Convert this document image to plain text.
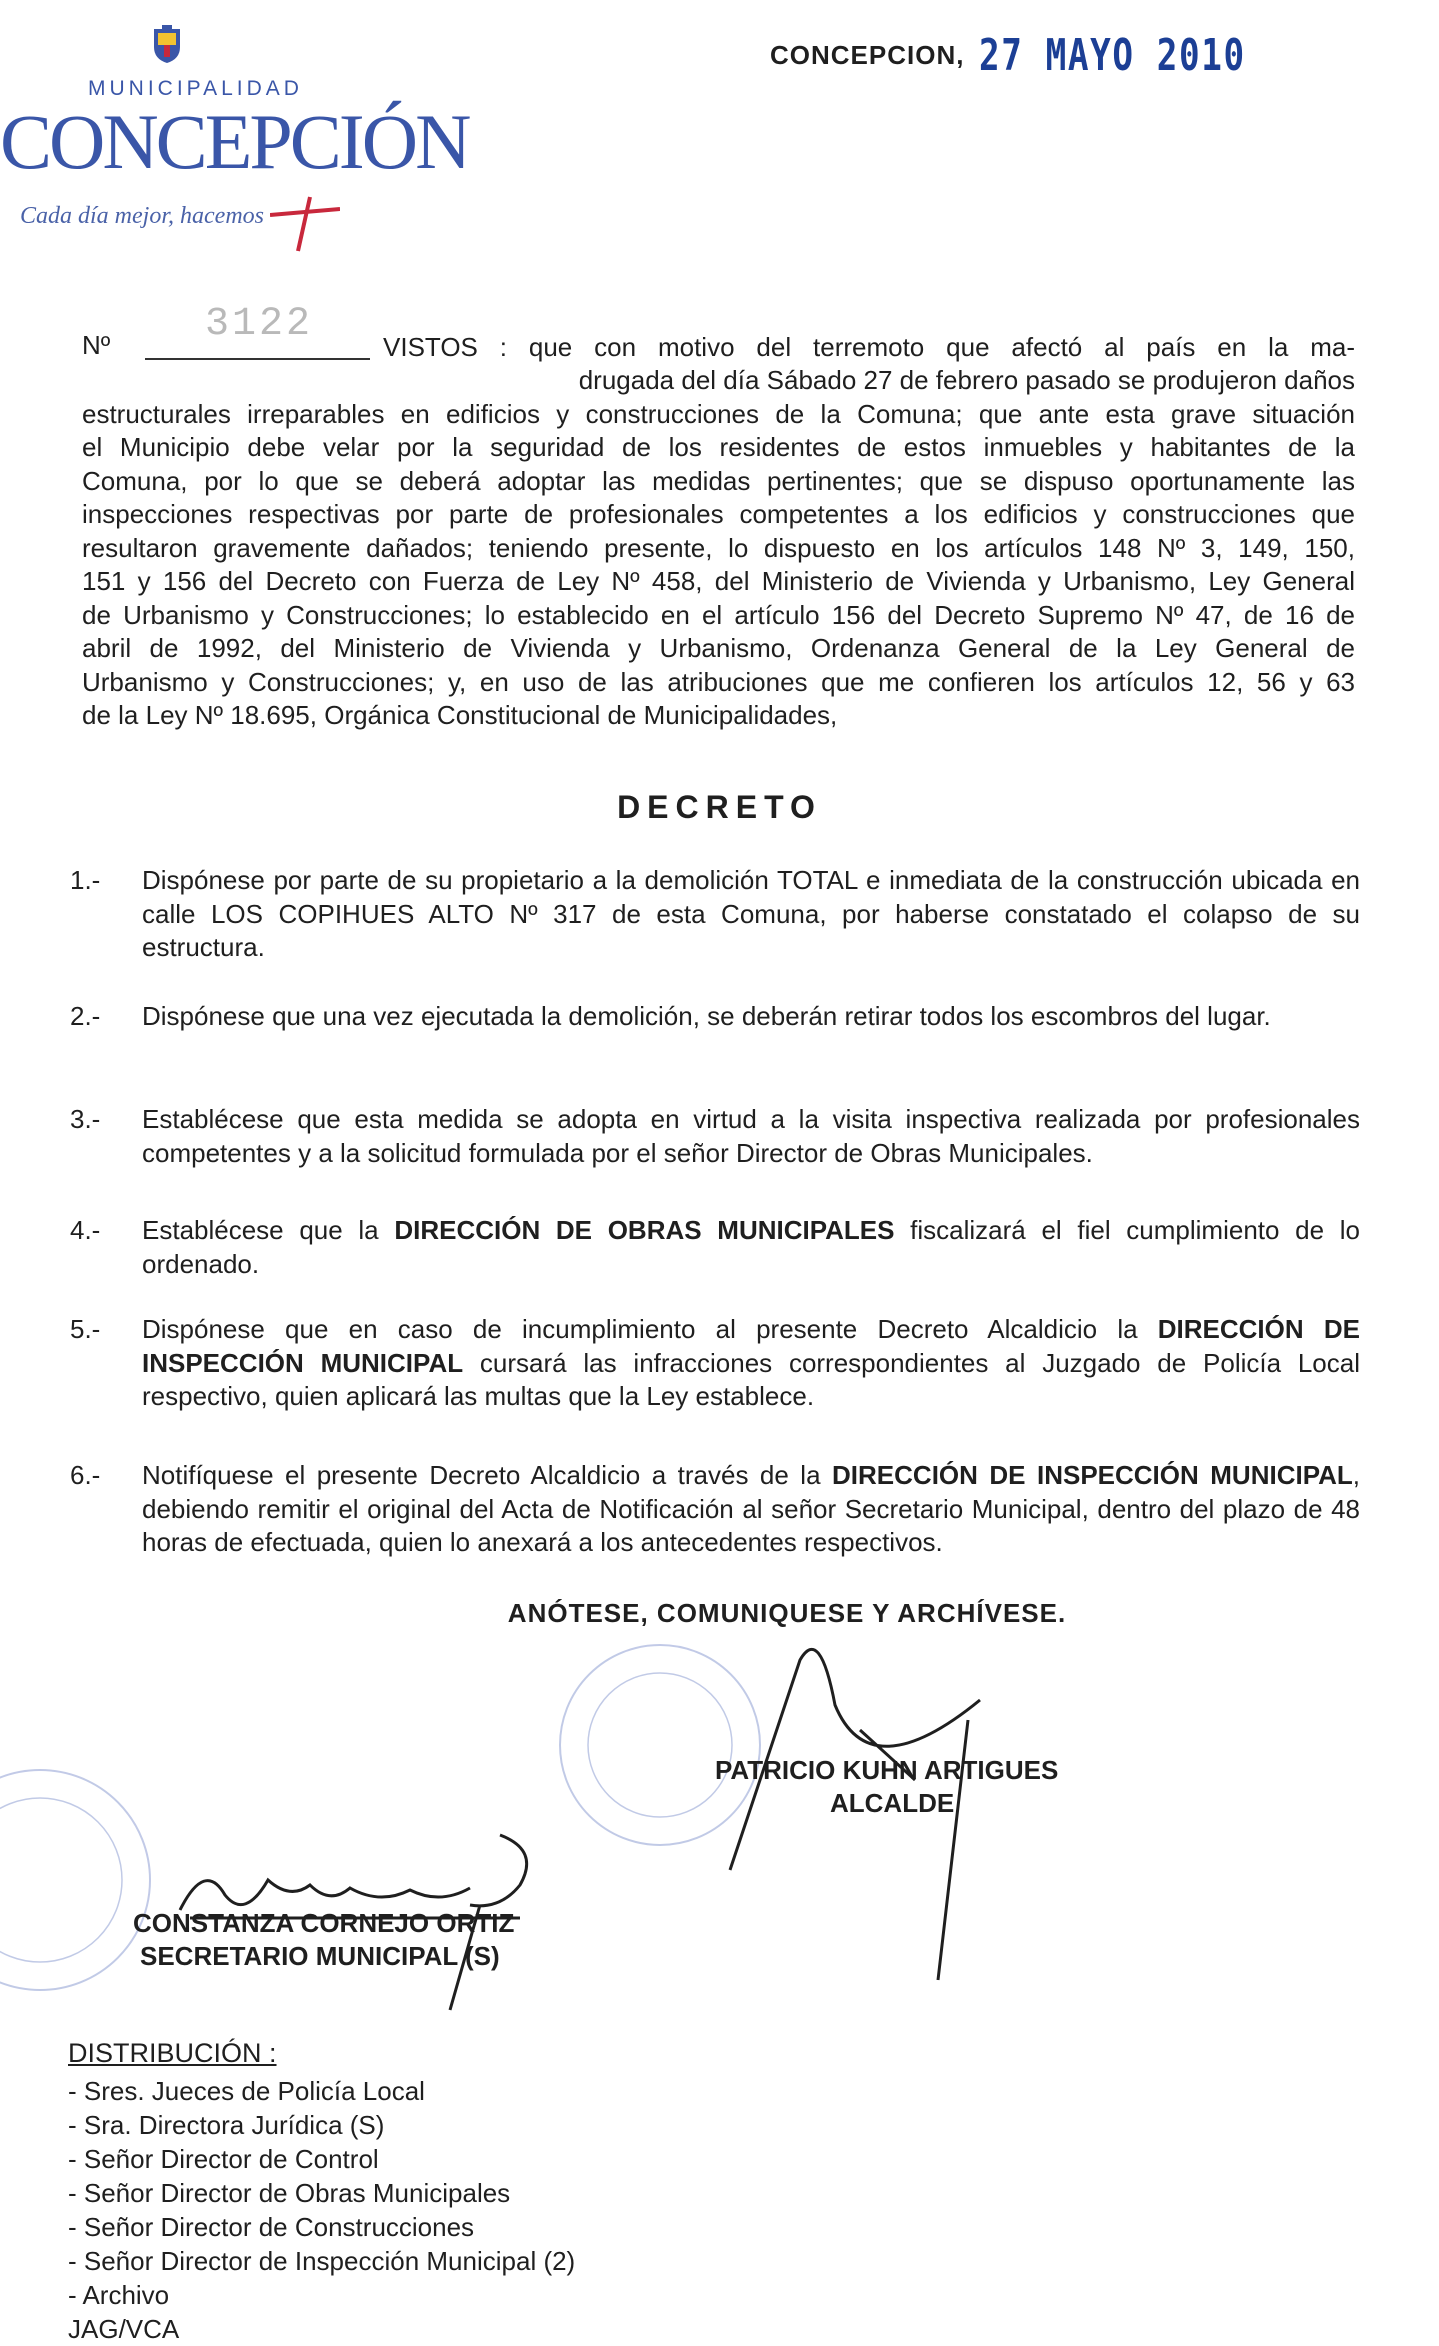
MUNICIPALIDAD
CONCEPCIÓN
Cada día mejor, hacemos
CONCEPCION, 27 MAYO 2010
Nº 3122	VISTOS : que con motivo del terremoto que afectó al país en la ma-
drugada del día Sábado 27 de febrero pasado se produjeron daños
estructurales irreparables en edificios y construcciones de la Comuna; que ante esta grave situación
el Municipio debe velar por la seguridad de los residentes de estos inmuebles y habitantes de la
Comuna, por lo que se deberá adoptar las medidas pertinentes; que se dispuso oportunamente las
inspecciones respectivas por parte de profesionales competentes a los edificios y construcciones que
resultaron gravemente dañados; teniendo presente, lo dispuesto en los artículos 148 Nº 3, 149, 150,
151 y 156 del Decreto con Fuerza de Ley Nº 458, del Ministerio de Vivienda y Urbanismo, Ley General
de Urbanismo y Construcciones; lo establecido en el artículo 156 del Decreto Supremo Nº 47, de 16 de
abril de 1992, del Ministerio de Vivienda y Urbanismo, Ordenanza General de la Ley General de
Urbanismo y Construcciones; y, en uso de las atribuciones que me confieren los artículos 12, 56 y 63
de la Ley Nº 18.695, Orgánica Constitucional de Municipalidades,
DECRETO
1.-	Dispónese por parte de su propietario a la demolición TOTAL e inmediata de la construcción ubicada en calle LOS COPIHUES ALTO Nº 317 de esta Comuna, por haberse constatado el colapso de su estructura.
2.-	Dispónese que una vez ejecutada la demolición, se deberán retirar todos los escombros del lugar.
3.-	Establécese que esta medida se adopta en virtud a la visita inspectiva realizada por profesionales competentes y a la solicitud formulada por el señor Director de Obras Municipales.
4.-	Establécese que la DIRECCIÓN DE OBRAS MUNICIPALES fiscalizará el fiel cumplimiento de lo ordenado.
5.-	Dispónese que en caso de incumplimiento al presente Decreto Alcaldicio la DIRECCIÓN DE INSPECCIÓN MUNICIPAL cursará las infracciones correspondientes al Juzgado de Policía Local respectivo, quien aplicará las multas que la Ley establece.
6.-	Notifíquese el presente Decreto Alcaldicio a través de la DIRECCIÓN DE INSPECCIÓN MUNICIPAL, debiendo remitir el original del Acta de Notificación al señor Secretario Municipal, dentro del plazo de 48 horas de efectuada, quien lo anexará a los antecedentes respectivos.
ANÓTESE, COMUNIQUESE Y ARCHÍVESE.
PATRICIO KUHN ARTIGUES
ALCALDE
CONSTANZA CORNEJO ORTIZ
SECRETARIO MUNICIPAL (S)
DISTRIBUCIÓN :
- Sres. Jueces de Policía Local
- Sra. Directora Jurídica (S)
- Señor Director de Control
- Señor Director de Obras Municipales
- Señor Director de Construcciones
- Señor Director de Inspección Municipal (2)
- Archivo
JAG/VCA
